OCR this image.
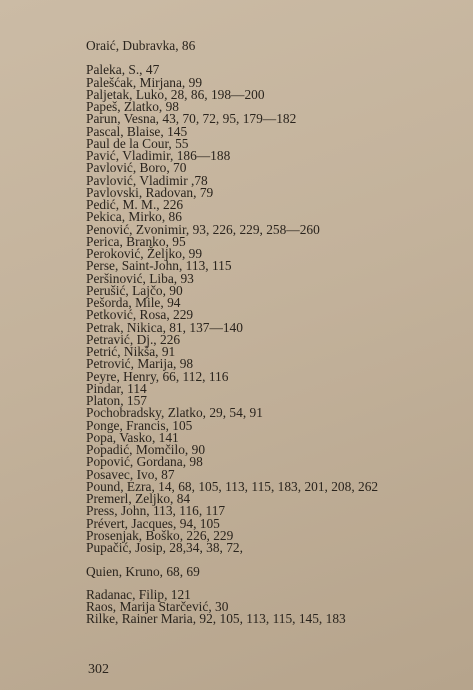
Oraić, Dubravka, 86
Paleka, S., 47
Palešćak, Mirjana, 99
Paljetak, Luko, 28, 86, 198—200
Papeš, Zlatko, 98
Parun, Vesna, 43, 70, 72, 95, 179—182
Pascal, Blaise, 145
Paul de la Cour, 55
Pavić, Vladimir, 186—188
Pavlović, Boro, 70
Pavlović, Vladimir ,78
Pavlovski, Radovan, 79
Pedić, M. M., 226
Pekica, Mirko, 86
Penović, Zvonimir, 93, 226, 229, 258—260
Perica, Branko, 95
Peroković, Željko, 99
Perse, Saint-John, 113, 115
Peršinović, Liba, 93
Perušić, Lajčo, 90
Pešorda, Mile, 94
Petković, Rosa, 229
Petrak, Nikica, 81, 137—140
Petravić, Dj., 226
Petrić, Nikša, 91
Petrović, Marija, 98
Peyre, Henry, 66, 112, 116
Pindar, 114
Platon, 157
Pochobradsky, Zlatko, 29, 54, 91
Ponge, Francis, 105
Popa, Vasko, 141
Popadić, Momčilo, 90
Popović, Gordana, 98
Posavec, Ivo, 87
Pound, Ezra, 14, 68, 105, 113, 115, 183, 201, 208, 262
Premerl, Zeljko, 84
Press, John, 113, 116, 117
Prévert, Jacques, 94, 105
Prosenjak, Boško, 226, 229
Pupačić, Josip, 28,34, 38, 72,
Quien, Kruno, 68, 69
Radanac, Filip, 121
Raos, Marija Starčević, 30
Rilke, Rainer Maria, 92, 105, 113, 115, 145, 183
302
